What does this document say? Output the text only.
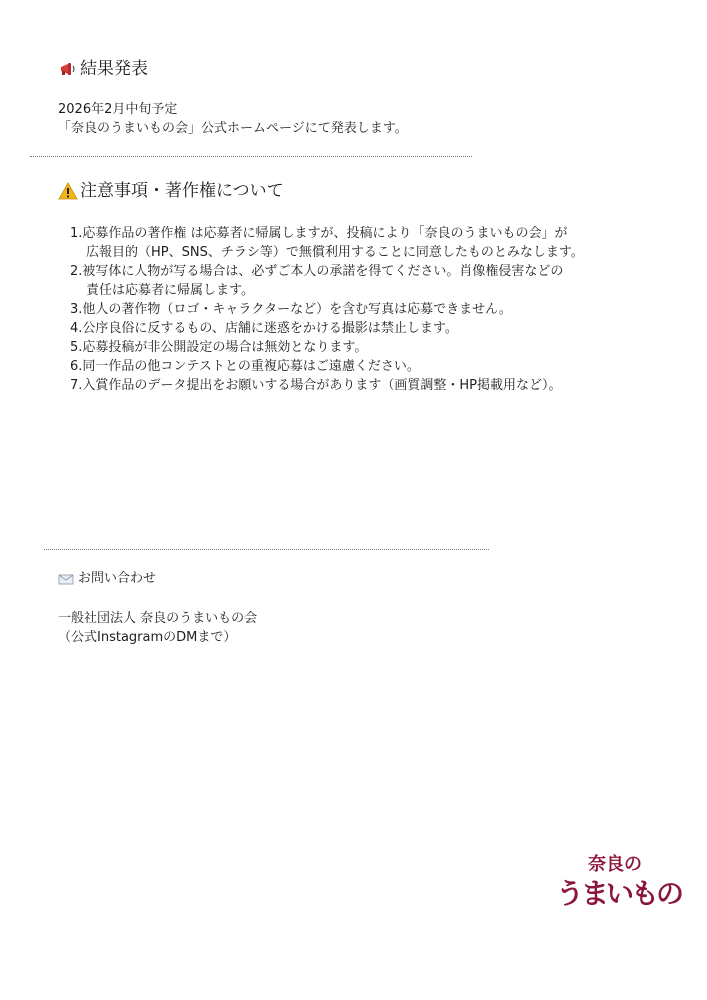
結果発表
2026年2月中旬予定
「奈良のうまいもの会」公式ホームページにて発表します。
注意事項・著作権について
1.応募作品の著作権 は応募者に帰属しますが、投稿により「奈良のうまいもの会」が
広報目的（HP、SNS、チラシ等）で無償利用することに同意したものとみなします。
2.被写体に人物が写る場合は、必ずご本人の承諾を得てください。肖像権侵害などの
責任は応募者に帰属します。
3.他人の著作物（ロゴ・キャラクターなど）を含む写真は応募できません。
4.公序良俗に反するもの、店舗に迷惑をかける撮影は禁止します。
5.応募投稿が非公開設定の場合は無効となります。
6.同一作品の他コンテストとの重複応募はご遠慮ください。
7.入賞作品のデータ提出をお願いする場合があります（画質調整・HP掲載用など）。
お問い合わせ
一般社団法人 奈良のうまいもの会
（公式InstagramのDMまで）
奈良の
うまいもの
